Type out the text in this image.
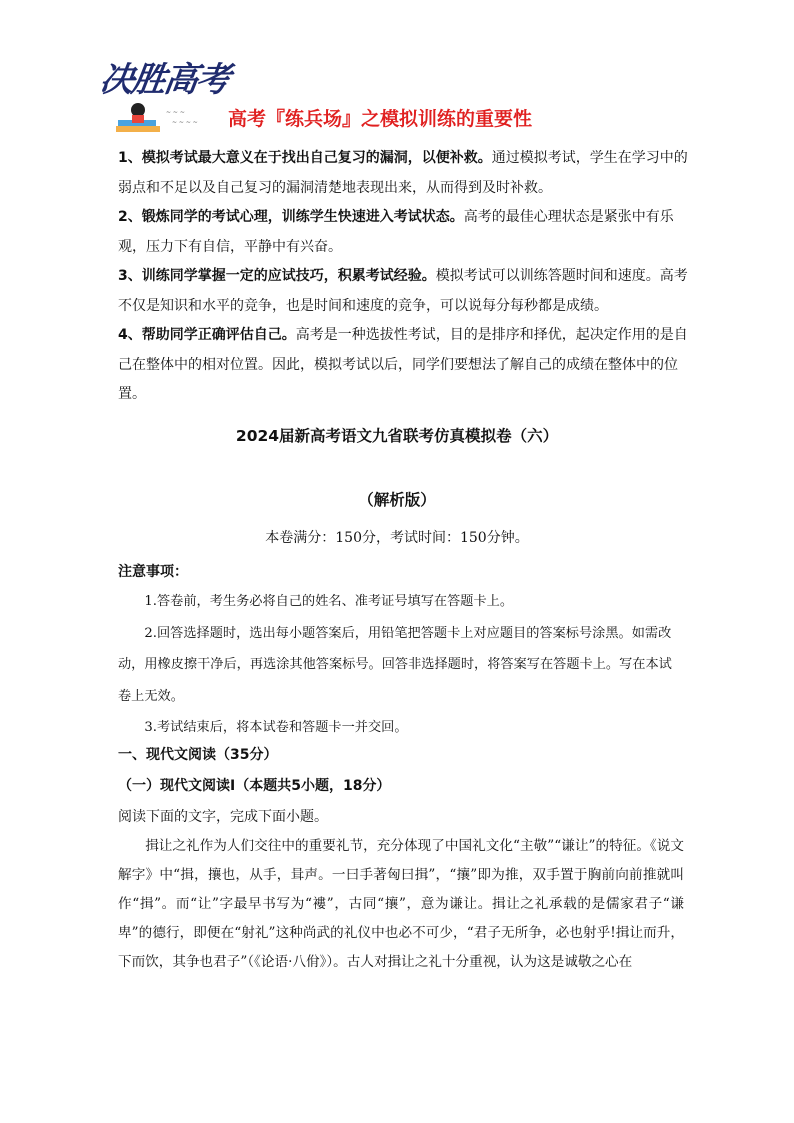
决胜高考
~ ~ ~
~ ~ ~ ~ 高考『练兵场』之模拟训练的重要性

1、模拟考试最大意义在于找出自己复习的漏洞，以便补救。通过模拟考试，学生在学习中的弱点和不足以及自己复习的漏洞清楚地表现出来，从而得到及时补救。

2、锻炼同学的考试心理，训练学生快速进入考试状态。高考的最佳心理状态是紧张中有乐观，压力下有自信，平静中有兴奋。

3、训练同学掌握一定的应试技巧，积累考试经验。模拟考试可以训练答题时间和速度。高考不仅是知识和水平的竞争，也是时间和速度的竞争，可以说每分每秒都是成绩。

4、帮助同学正确评估自己。高考是一种选拔性考试，目的是排序和择优，起决定作用的是自己在整体中的相对位置。因此，模拟考试以后，同学们要想法了解自己的成绩在整体中的位置。

2024届新高考语文九省联考仿真模拟卷（六）
（解析版）
本卷满分：150分，考试时间：150分钟。
注意事项：

1.答卷前，考生务必将自己的姓名、准考证号填写在答题卡上。

2.回答选择题时，选出每小题答案后，用铅笔把答题卡上对应题目的答案标号涂黑。如需改动，用橡皮擦干净后，再选涂其他答案标号。回答非选择题时，将答案写在答题卡上。写在本试卷上无效。

3.考试结束后，将本试卷和答题卡一并交回。

一、现代文阅读（35分）
（一）现代文阅读Ⅰ（本题共5小题，18分）
阅读下面的文字，完成下面小题。

揖让之礼作为人们交往中的重要礼节，充分体现了中国礼文化“主敬”“谦让”的特征。《说文解字》中“揖，攘也，从手，咠声。一曰手著匈曰揖”，“攘”即为推，双手置于胸前向前推就叫作“揖”。而“让”字最早书写为“褸”，古同“攘”，意为谦让。揖让之礼承载的是儒家君子“谦卑”的德行，即便在“射礼”这种尚武的礼仪中也必不可少，“君子无所争，必也射乎!揖让而升，下而饮，其争也君子”（《论语·八佾》）。古人对揖让之礼十分重视，认为这是诚敬之心在
